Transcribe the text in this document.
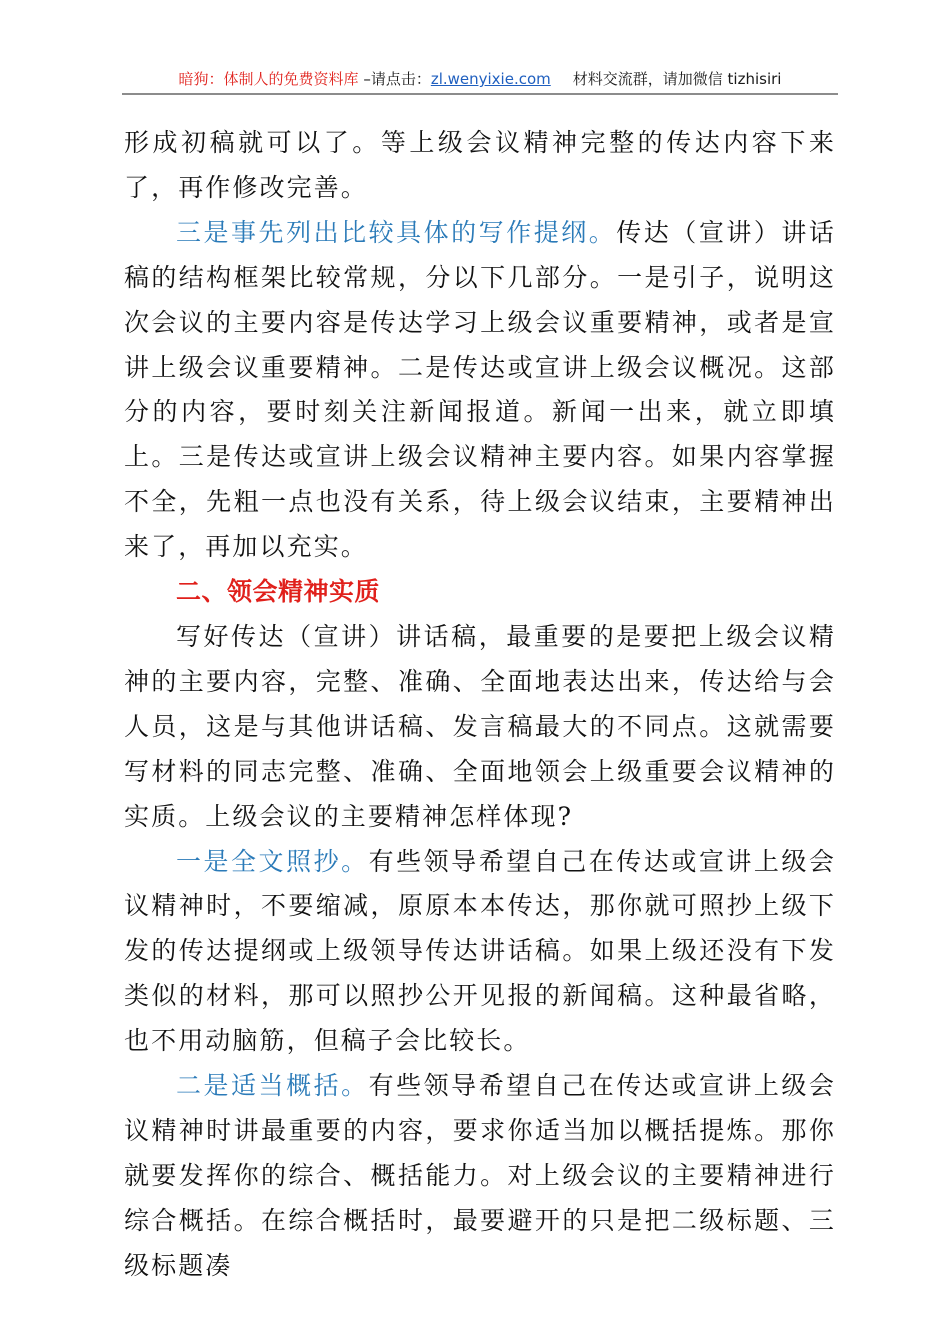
暗狗：体制人的免费资料库 –请点击：zl.wenyixie.com 材料交流群，请加微信 tizhisiri

形成初稿就可以了。等上级会议精神完整的传达内容下来了，再作修改完善。

三是事先列出比较具体的写作提纲。传达（宣讲）讲话稿的结构框架比较常规，分以下几部分。一是引子，说明这次会议的主要内容是传达学习上级会议重要精神，或者是宣讲上级会议重要精神。二是传达或宣讲上级会议概况。这部分的内容，要时刻关注新闻报道。新闻一出来，就立即填上。三是传达或宣讲上级会议精神主要内容。如果内容掌握不全，先粗一点也没有关系，待上级会议结束，主要精神出来了，再加以充实。

二、领会精神实质

写好传达（宣讲）讲话稿，最重要的是要把上级会议精神的主要内容，完整、准确、全面地表达出来，传达给与会人员，这是与其他讲话稿、发言稿最大的不同点。这就需要写材料的同志完整、准确、全面地领会上级重要会议精神的实质。上级会议的主要精神怎样体现?

一是全文照抄。有些领导希望自己在传达或宣讲上级会议精神时，不要缩减，原原本本传达，那你就可照抄上级下发的传达提纲或上级领导传达讲话稿。如果上级还没有下发类似的材料，那可以照抄公开见报的新闻稿。这种最省略，也不用动脑筋，但稿子会比较长。

二是适当概括。有些领导希望自己在传达或宣讲上级会议精神时讲最重要的内容，要求你适当加以概括提炼。那你就要发挥你的综合、概括能力。对上级会议的主要精神进行综合概括。在综合概括时，最要避开的只是把二级标题、三级标题凑
